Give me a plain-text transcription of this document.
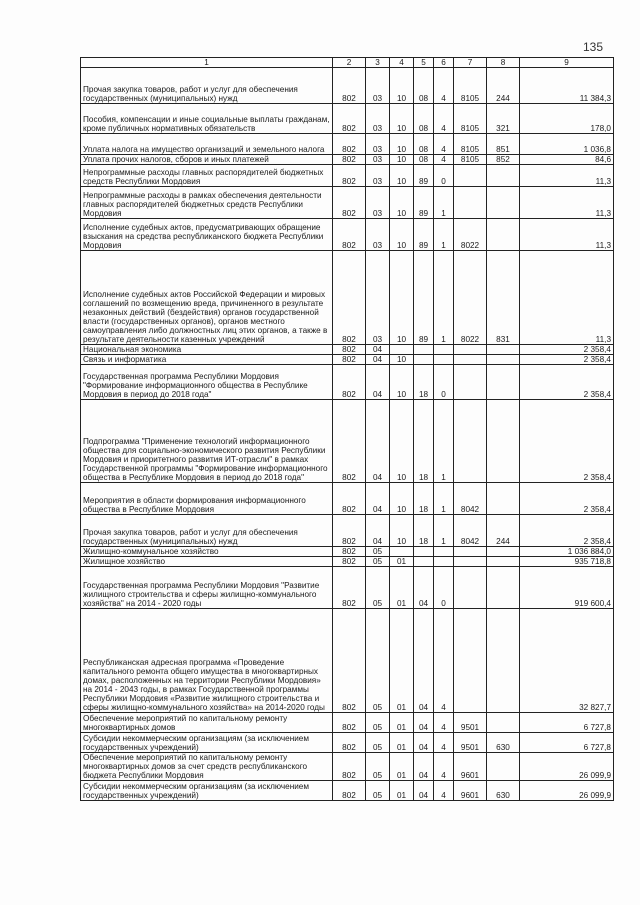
135
1	2	3	4	5	6	7	8	9
Прочая закупка товаров, работ и услуг для обеспечения государственных (муниципальных) нужд	802	03	10	08	4	8105	244	11 384,3
Пособия, компенсации и иные социальные выплаты гражданам, кроме публичных нормативных обязательств	802	03	10	08	4	8105	321	178,0
Уплата налога на имущество организаций и земельного налога	802	03	10	08	4	8105	851	1 036,8
Уплата прочих налогов, сборов и иных платежей	802	03	10	08	4	8105	852	84,6
Непрограммные расходы главных распорядителей бюджетных средств Республики Мордовия	802	03	10	89	0			11,3
Непрограммные расходы в рамках обеспечения деятельности главных распорядителей бюджетных средств Республики Мордовия	802	03	10	89	1			11,3
Исполнение судебных актов, предусматривающих обращение взыскания на средства республиканского бюджета Республики Мордовия	802	03	10	89	1	8022		11,3
Исполнение судебных актов Российской Федерации и мировых соглашений по возмещению вреда, причиненного в результате незаконных действий (бездействия) органов государственной власти (государственных органов), органов местного самоуправления либо должностных лиц этих органов, а также в результате деятельности казенных учреждений	802	03	10	89	1	8022	831	11,3
Национальная экономика	802	04						2 358,4
Связь и информатика	802	04	10					2 358,4
Государственная программа Республики Мордовия "Формирование информационного общества в Республике Мордовия в период до 2018 года"	802	04	10	18	0			2 358,4
Подпрограмма "Применение технологий информационного общества для социально-экономического развития Республики Мордовия и приоритетного развития ИТ-отрасли" в рамках Государственной программы "Формирование информационного общества в Республике Мордовия в период до 2018 года"	802	04	10	18	1			2 358,4
Мероприятия в области формирования информационного общества в Республике Мордовия	802	04	10	18	1	8042		2 358,4
Прочая закупка товаров, работ и услуг для обеспечения государственных (муниципальных) нужд	802	04	10	18	1	8042	244	2 358,4
Жилищно-коммунальное хозяйство	802	05						1 036 884,0
Жилищное хозяйство	802	05	01					935 718,8
Государственная программа Республики Мордовия "Развитие жилищного строительства и сферы жилищно-коммунального хозяйства" на 2014 - 2020 годы	802	05	01	04	0			919 600,4
Республиканская адресная программа «Проведение капитального ремонта общего имущества в многоквартирных домах, расположенных на территории Республики Мордовия» на 2014 - 2043 годы, в рамках Государственной программы Республики Мордовия «Развитие жилищного строительства и сферы жилищно-коммунального хозяйства» на 2014-2020 годы	802	05	01	04	4			32 827,7
Обеспечение мероприятий по капитальному ремонту многоквартирных домов	802	05	01	04	4	9501		6 727,8
Субсидии некоммерческим организациям (за исключением государственных учреждений)	802	05	01	04	4	9501	630	6 727,8
Обеспечение мероприятий по капитальному ремонту многоквартирных домов за счет средств республиканского бюджета Республики Мордовия	802	05	01	04	4	9601		26 099,9
Субсидии некоммерческим организациям (за исключением государственных учреждений)	802	05	01	04	4	9601	630	26 099,9
